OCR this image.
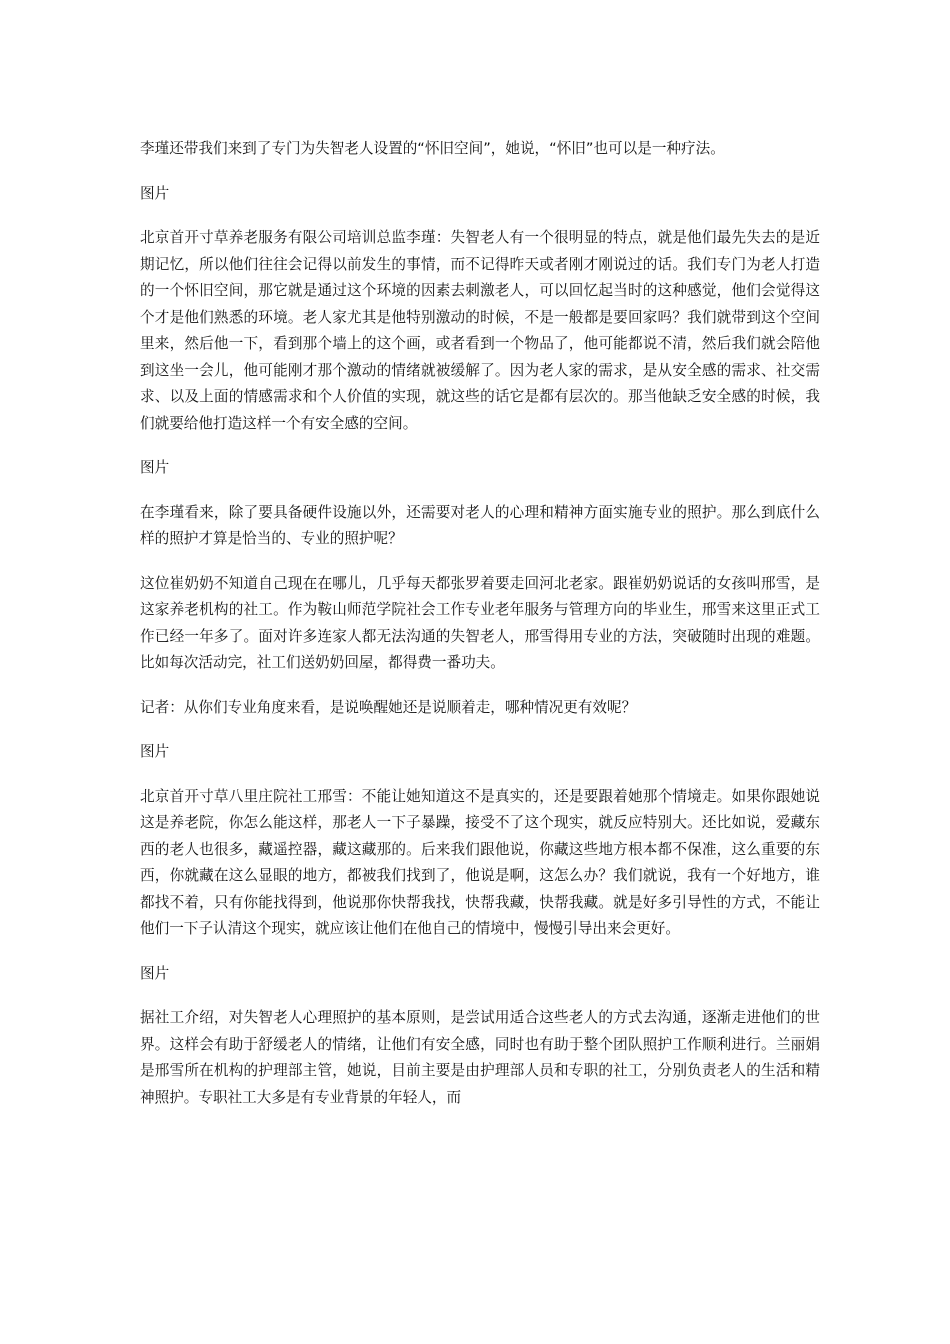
李瑾还带我们来到了专门为失智老人设置的“怀旧空间”，她说，“怀旧”也可以是一种疗法。

图片

北京首开寸草养老服务有限公司培训总监李瑾：失智老人有一个很明显的特点，就是他们最先失去的是近期记忆，所以他们往往会记得以前发生的事情，而不记得昨天或者刚才刚说过的话。我们专门为老人打造的一个怀旧空间，那它就是通过这个环境的因素去刺激老人，可以回忆起当时的这种感觉，他们会觉得这个才是他们熟悉的环境。老人家尤其是他特别激动的时候，不是一般都是要回家吗？我们就带到这个空间里来，然后他一下，看到那个墙上的这个画，或者看到一个物品了，他可能都说不清，然后我们就会陪他到这坐一会儿，他可能刚才那个激动的情绪就被缓解了。因为老人家的需求，是从安全感的需求、社交需求、以及上面的情感需求和个人价值的实现，就这些的话它是都有层次的。那当他缺乏安全感的时候，我们就要给他打造这样一个有安全感的空间。

图片

在李瑾看来，除了要具备硬件设施以外，还需要对老人的心理和精神方面实施专业的照护。那么到底什么样的照护才算是恰当的、专业的照护呢？

这位崔奶奶不知道自己现在在哪儿，几乎每天都张罗着要走回河北老家。跟崔奶奶说话的女孩叫邢雪，是这家养老机构的社工。作为鞍山师范学院社会工作专业老年服务与管理方向的毕业生，邢雪来这里正式工作已经一年多了。面对许多连家人都无法沟通的失智老人，邢雪得用专业的方法，突破随时出现的难题。比如每次活动完，社工们送奶奶回屋，都得费一番功夫。

记者：从你们专业角度来看，是说唤醒她还是说顺着走，哪种情况更有效呢？

图片

北京首开寸草八里庄院社工邢雪：不能让她知道这不是真实的，还是要跟着她那个情境走。如果你跟她说这是养老院，你怎么能这样，那老人一下子暴躁，接受不了这个现实，就反应特别大。还比如说，爱藏东西的老人也很多，藏遥控器，藏这藏那的。后来我们跟他说，你藏这些地方根本都不保准，这么重要的东西，你就藏在这么显眼的地方，都被我们找到了，他说是啊，这怎么办？我们就说，我有一个好地方，谁都找不着，只有你能找得到，他说那你快帮我找，快帮我藏，快帮我藏。就是好多引导性的方式，不能让他们一下子认清这个现实，就应该让他们在他自己的情境中，慢慢引导出来会更好。

图片

据社工介绍，对失智老人心理照护的基本原则，是尝试用适合这些老人的方式去沟通，逐渐走进他们的世界。这样会有助于舒缓老人的情绪，让他们有安全感，同时也有助于整个团队照护工作顺利进行。兰丽娟是邢雪所在机构的护理部主管，她说，目前主要是由护理部人员和专职的社工，分别负责老人的生活和精神照护。专职社工大多是有专业背景的年轻人，而
